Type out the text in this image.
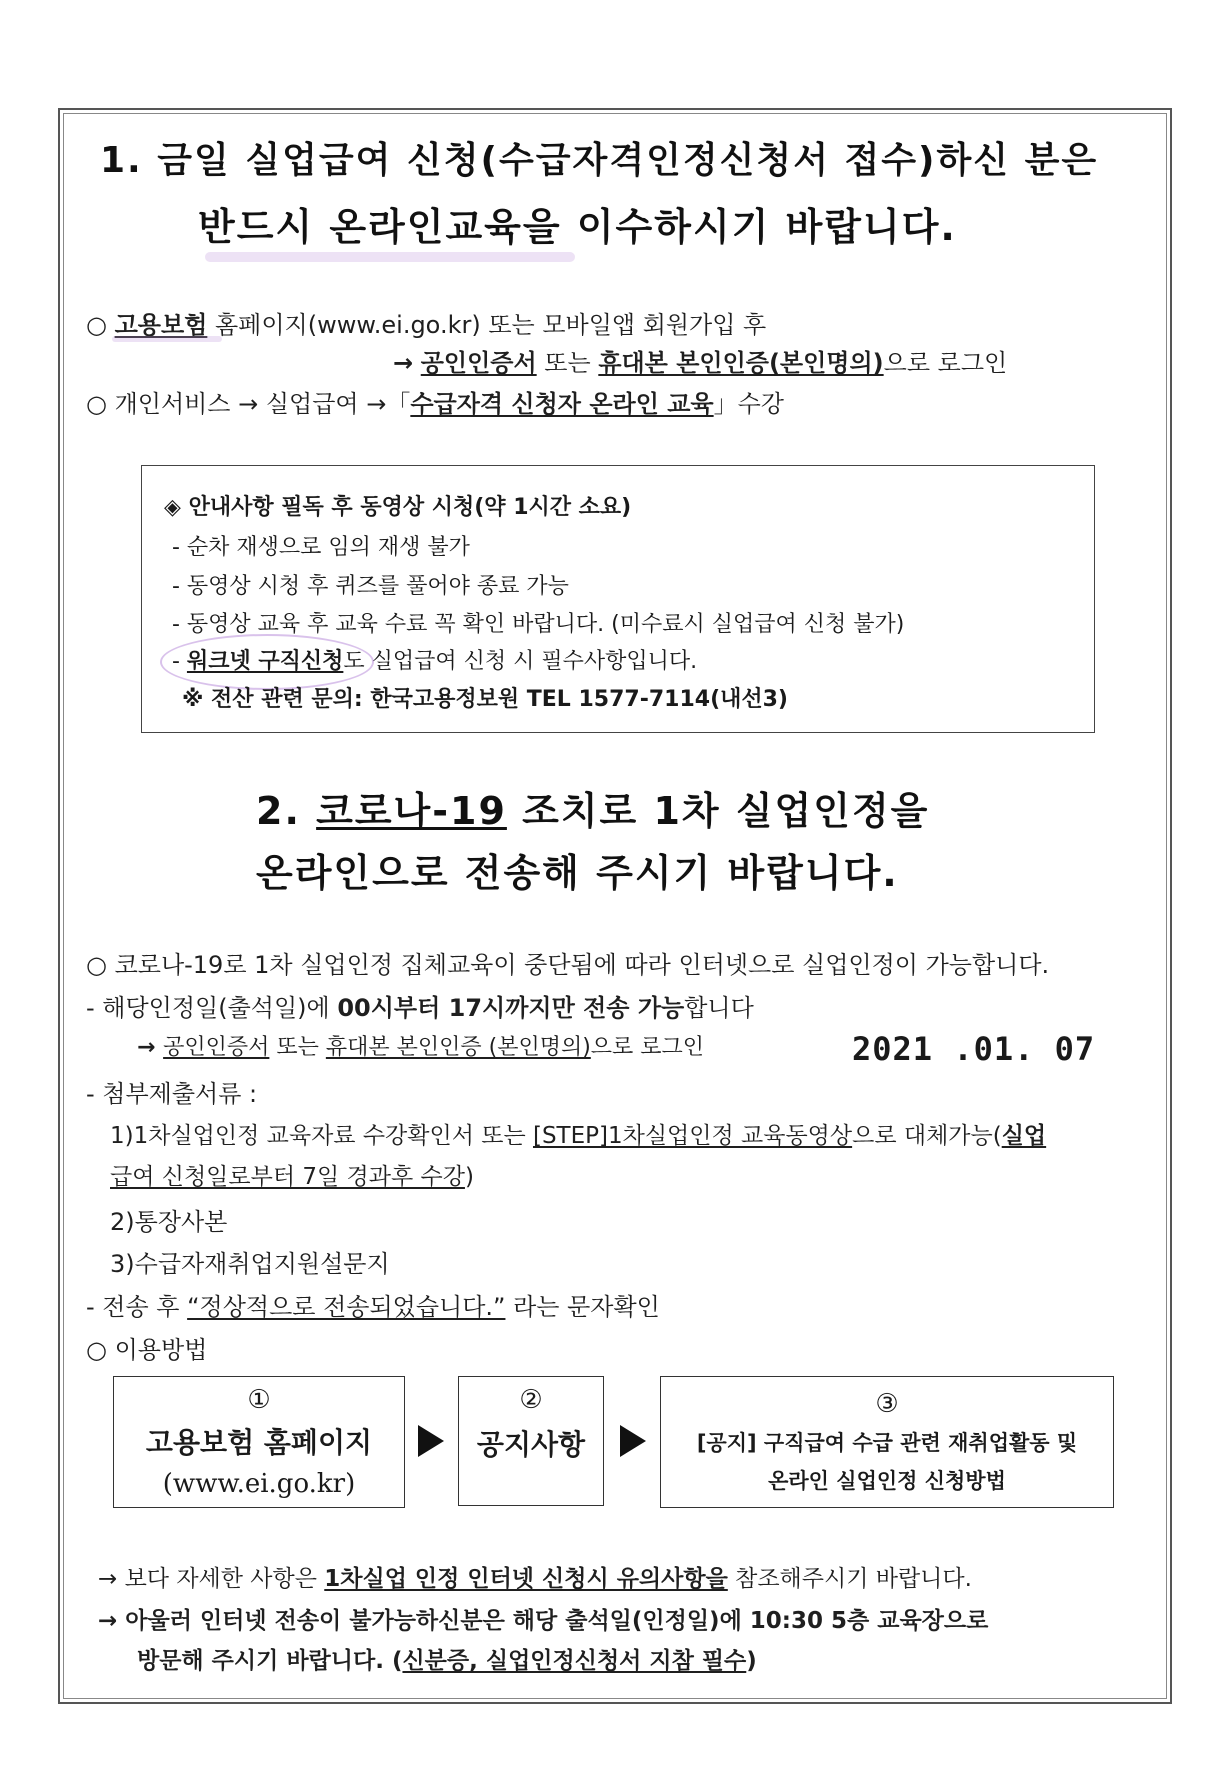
1. 금일 실업급여 신청(수급자격인정신청서 접수)하신 분은
반드시 온라인교육을 이수하시기 바랍니다.
○ 고용보험 홈페이지(www.ei.go.kr) 또는 모바일앱 회원가입 후
→ 공인인증서 또는 휴대본 본인인증(본인명의)으로 로그인
○ 개인서비스 → 실업급여 →「수급자격 신청자 온라인 교육」수강
◈ 안내사항 필독 후 동영상 시청(약 1시간 소요)
- 순차 재생으로 임의 재생 불가
- 동영상 시청 후 퀴즈를 풀어야 종료 가능
- 동영상 교육 후 교육 수료 꼭 확인 바랍니다. (미수료시 실업급여 신청 불가)
- 워크넷 구직신청도 실업급여 신청 시 필수사항입니다.
※ 전산 관련 문의: 한국고용정보원 TEL 1577-7114(내선3)
2. 코로나-19 조치로 1차 실업인정을
온라인으로 전송해 주시기 바랍니다.
○ 코로나-19로 1차 실업인정 집체교육이 중단됨에 따라 인터넷으로 실업인정이 가능합니다.
- 해당인정일(출석일)에 00시부터 17시까지만 전송 가능합니다
→ 공인인증서 또는 휴대본 본인인증 (본인명의)으로 로그인	2021 .01. 07
- 첨부제출서류 :
1)1차실업인정 교육자료 수강확인서 또는 [STEP]1차실업인정 교육동영상으로 대체가능(실업
급여 신청일로부터 7일 경과후 수강)
2)통장사본
3)수급자재취업지원설문지
- 전송 후 “정상적으로 전송되었습니다.” 라는 문자확인
○ 이용방법
①
고용보험 홈페이지
(www.ei.go.kr)
②
공지사항
③
[공지] 구직급여 수급 관련 재취업활동 및
온라인 실업인정 신청방법
→ 보다 자세한 사항은 1차실업 인정 인터넷 신청시 유의사항을 참조해주시기 바랍니다.
→ 아울러 인터넷 전송이 불가능하신분은 해당 출석일(인정일)에 10:30 5층 교육장으로
방문해 주시기 바랍니다. (신분증, 실업인정신청서 지참 필수)
